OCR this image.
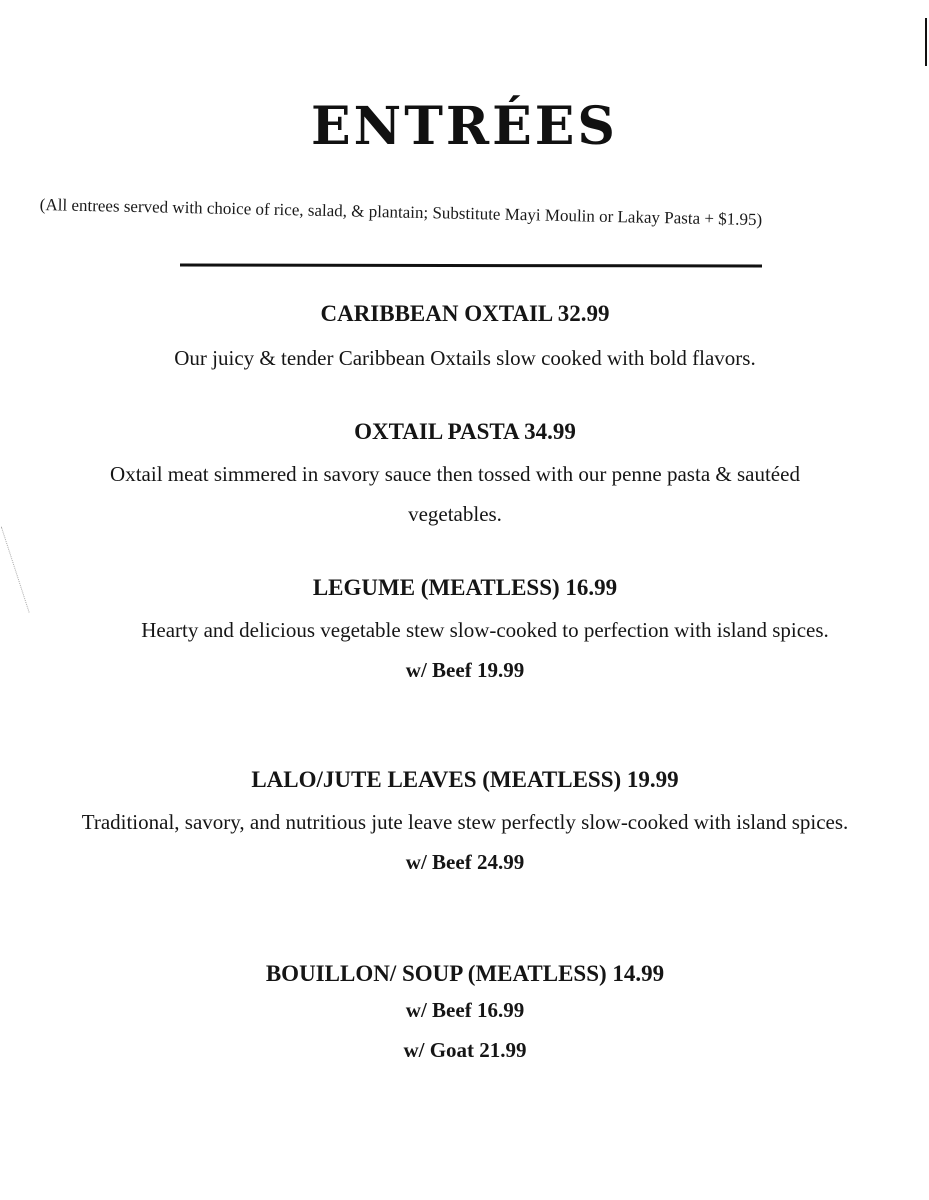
ENTRÉES
(All entrees served with choice of rice, salad, & plantain; Substitute Mayi Moulin or Lakay Pasta + $1.95)
CARIBBEAN OXTAIL 32.99
Our juicy & tender Caribbean Oxtails slow cooked with bold flavors.
OXTAIL PASTA 34.99
Oxtail meat simmered in savory sauce then tossed with our penne pasta & sautéed vegetables.
LEGUME (MEATLESS) 16.99
Hearty and delicious vegetable stew slow-cooked to perfection with island spices.
w/ Beef 19.99
LALO/JUTE LEAVES (MEATLESS) 19.99
Traditional, savory, and nutritious jute leave stew perfectly slow-cooked with island spices.
w/ Beef 24.99
BOUILLON/ SOUP (MEATLESS) 14.99
w/ Beef 16.99
w/ Goat 21.99
